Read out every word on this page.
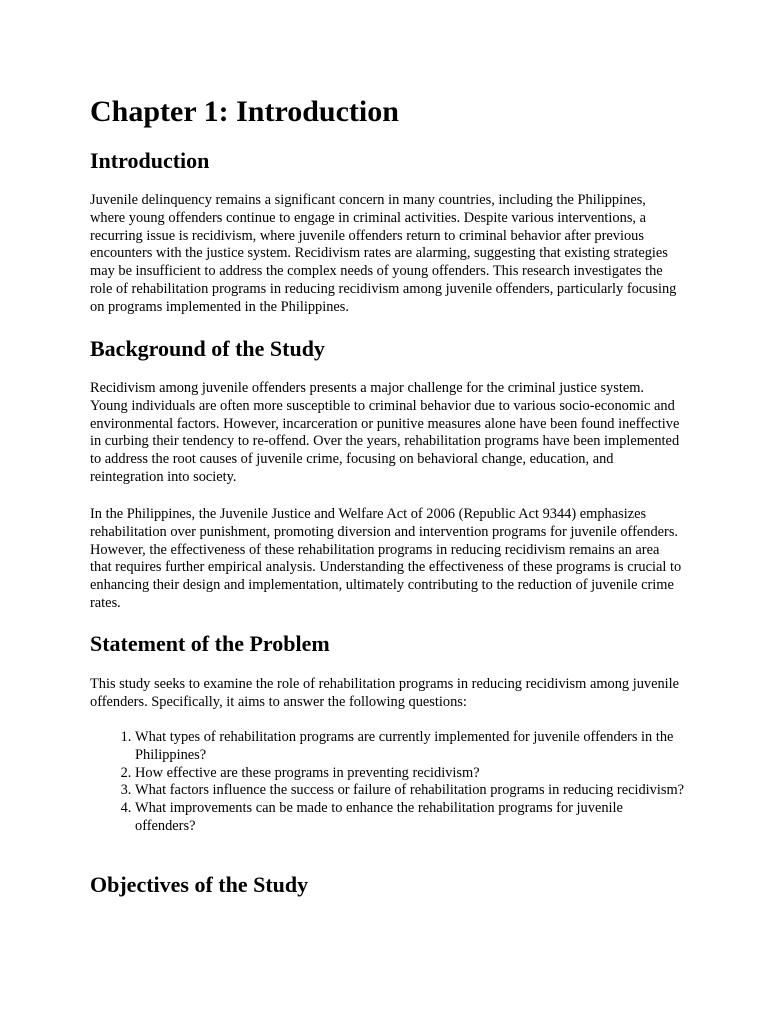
Chapter 1: Introduction
Introduction

Juvenile delinquency remains a significant concern in many countries, including the Philippines, where young offenders continue to engage in criminal activities. Despite various interventions, a recurring issue is recidivism, where juvenile offenders return to criminal behavior after previous encounters with the justice system. Recidivism rates are alarming, suggesting that existing strategies may be insufficient to address the complex needs of young offenders. This research investigates the role of rehabilitation programs in reducing recidivism among juvenile offenders, particularly focusing on programs implemented in the Philippines.

Background of the Study

Recidivism among juvenile offenders presents a major challenge for the criminal justice system. Young individuals are often more susceptible to criminal behavior due to various socio-economic and environmental factors. However, incarceration or punitive measures alone have been found ineffective in curbing their tendency to re-offend. Over the years, rehabilitation programs have been implemented to address the root causes of juvenile crime, focusing on behavioral change, education, and reintegration into society.

In the Philippines, the Juvenile Justice and Welfare Act of 2006 (Republic Act 9344) emphasizes rehabilitation over punishment, promoting diversion and intervention programs for juvenile offenders. However, the effectiveness of these rehabilitation programs in reducing recidivism remains an area that requires further empirical analysis. Understanding the effectiveness of these programs is crucial to enhancing their design and implementation, ultimately contributing to the reduction of juvenile crime rates.

Statement of the Problem

This study seeks to examine the role of rehabilitation programs in reducing recidivism among juvenile offenders. Specifically, it aims to answer the following questions:

1. What types of rehabilitation programs are currently implemented for juvenile offenders in the Philippines?
2. How effective are these programs in preventing recidivism?
3. What factors influence the success or failure of rehabilitation programs in reducing recidivism?
4. What improvements can be made to enhance the rehabilitation programs for juvenile offenders?
Objectives of the Study
